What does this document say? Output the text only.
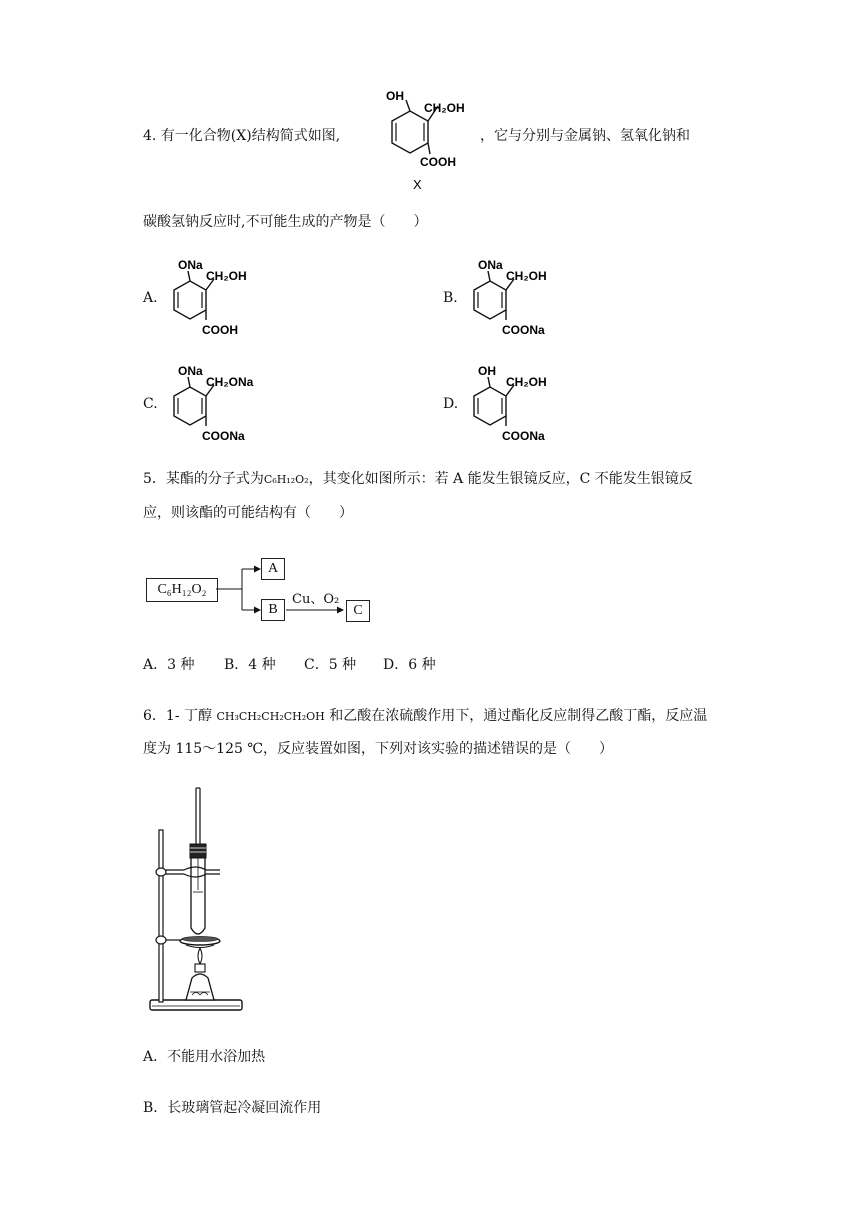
4. 有一化合物(X)结构简式如图,	，它与分别与金属钠、氢氧化钠和
OH
CH₂OH
COOH
X
碳酸氢钠反应时,不可能生成的产物是（　　）
A.
ONa
CH₂OH
COOH
B.
ONa
CH₂OH
COONa
C.
ONa
CH₂ONa
COONa
D.
OH
CH₂OH
COONa
5．某酯的分子式为C₆H₁₂O₂，其变化如图所示：若 A 能发生银镜反应，C 不能发生银镜反
应，则该酯的可能结构有（　　）
C₆H₁₂O₂
A
B
Cu、O₂
C
A．3 种 B．4 种 C．5 种 D．6 种
6．1- 丁醇 CH₃CH₂CH₂CH₂OH 和乙酸在浓硫酸作用下，通过酯化反应制得乙酸丁酯，反应温
度为 115～125 ℃，反应装置如图，下列对该实验的描述错误的是（　　）
A．不能用水浴加热
B．长玻璃管起冷凝回流作用
